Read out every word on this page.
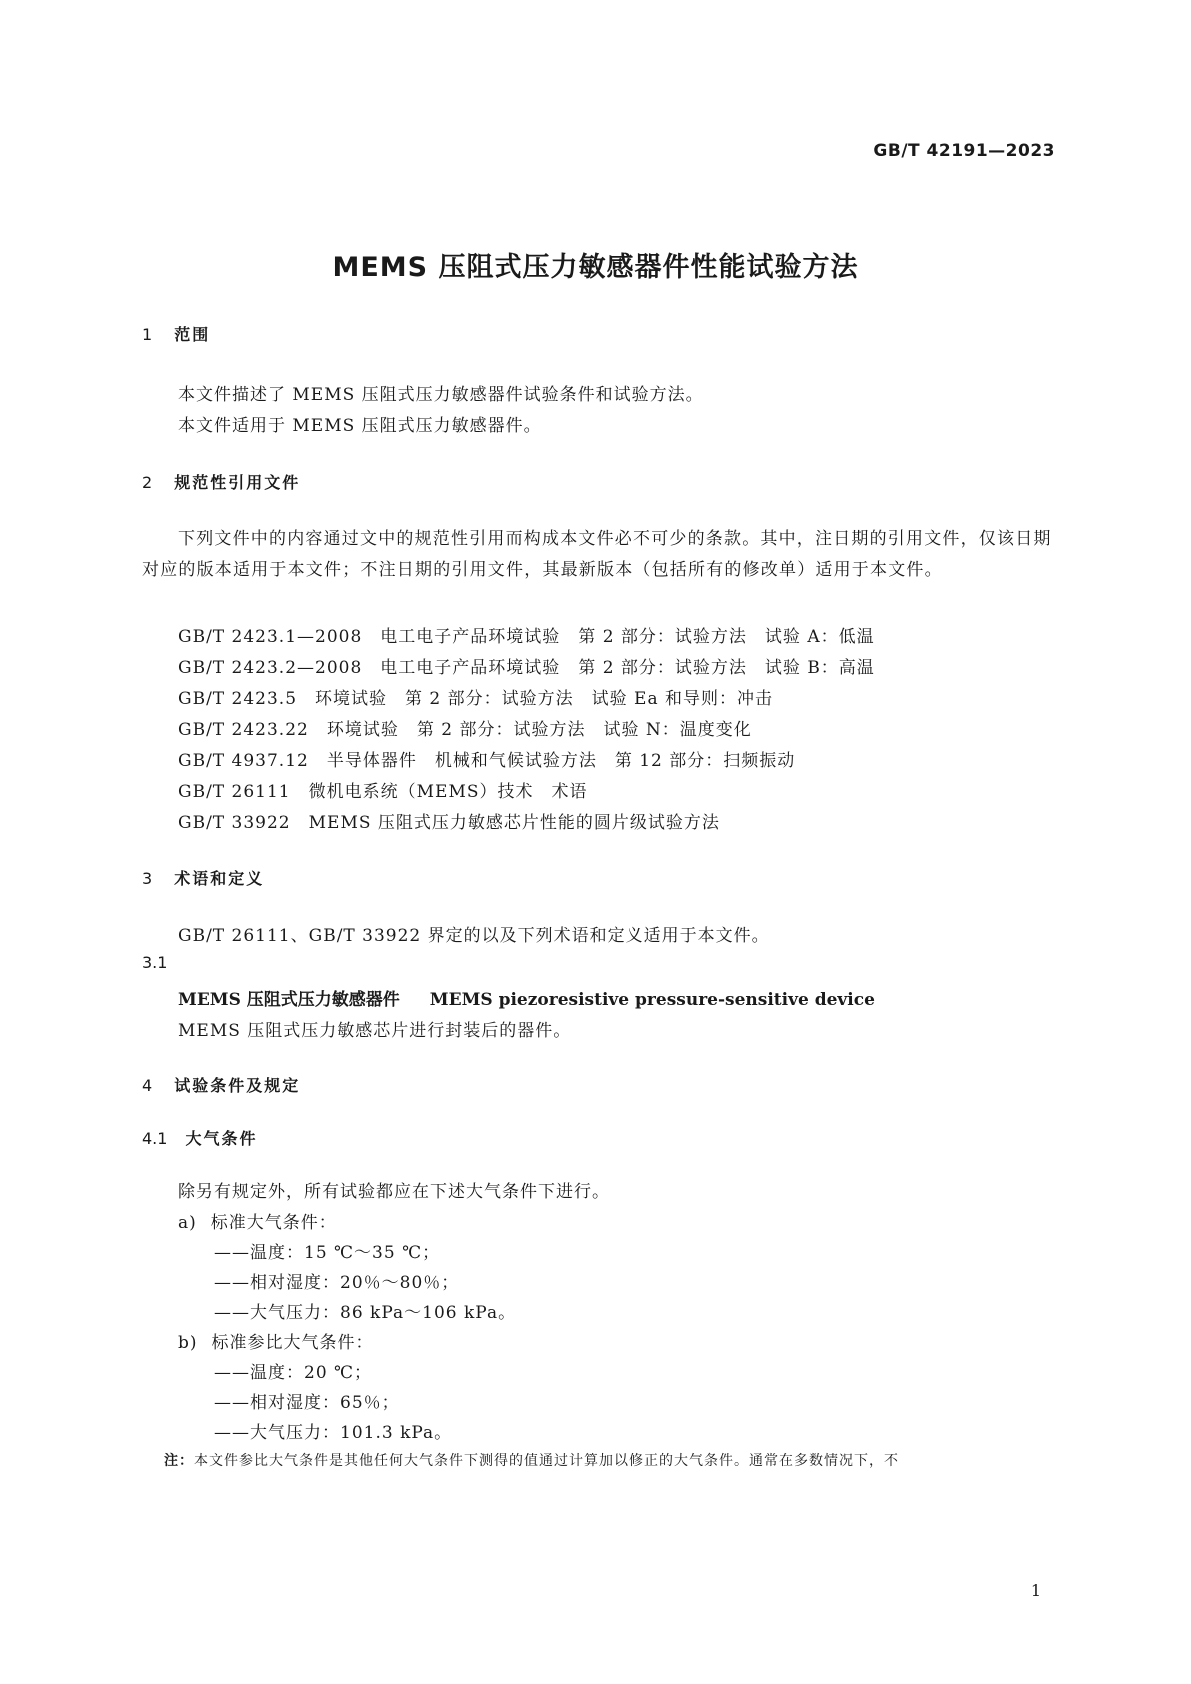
GB/T 42191—2023
MEMS 压阻式压力敏感器件性能试验方法
1 范围
本文件描述了 MEMS 压阻式压力敏感器件试验条件和试验方法。
本文件适用于 MEMS 压阻式压力敏感器件。
2 规范性引用文件
下列文件中的内容通过文中的规范性引用而构成本文件必不可少的条款。其中，注日期的引用文件，仅该日期对应的版本适用于本文件；不注日期的引用文件，其最新版本（包括所有的修改单）适用于本文件。
GB/T 2423.1—2008　电工电子产品环境试验　第 2 部分：试验方法　试验 A：低温
GB/T 2423.2—2008　电工电子产品环境试验　第 2 部分：试验方法　试验 B：高温
GB/T 2423.5　环境试验　第 2 部分：试验方法　试验 Ea 和导则：冲击
GB/T 2423.22　环境试验　第 2 部分：试验方法　试验 N：温度变化
GB/T 4937.12　半导体器件　机械和气候试验方法　第 12 部分：扫频振动
GB/T 26111　微机电系统（MEMS）技术　术语
GB/T 33922　MEMS 压阻式压力敏感芯片性能的圆片级试验方法
3 术语和定义
GB/T 26111、GB/T 33922 界定的以及下列术语和定义适用于本文件。
3.1
MEMS 压阻式压力敏感器件 MEMS piezoresistive pressure-sensitive device
MEMS 压阻式压力敏感芯片进行封装后的器件。
4 试验条件及规定
4.1 大气条件
除另有规定外，所有试验都应在下述大气条件下进行。
a) 标准大气条件：
——温度：15 ℃～35 ℃；
——相对湿度：20％～80％；
——大气压力：86 kPa～106 kPa。
b) 标准参比大气条件：
——温度：20 ℃；
——相对湿度：65％；
——大气压力：101.3 kPa。
注：本文件参比大气条件是其他任何大气条件下测得的值通过计算加以修正的大气条件。通常在多数情况下，不
1
